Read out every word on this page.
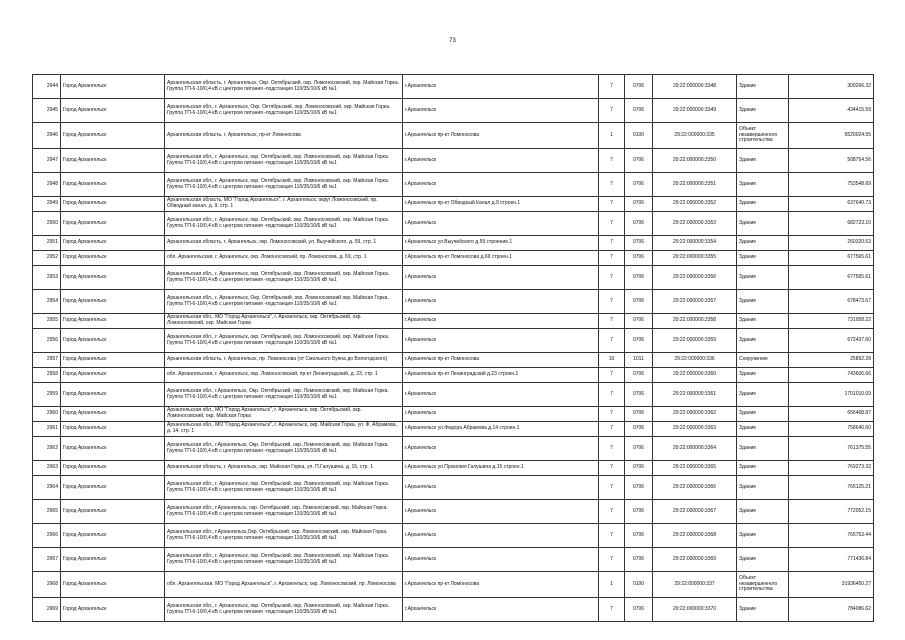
73
2944	Город Архангельск	Архангельская область, г. Архангельск, Окр. Октябрьский, окр. Ломоносовский, окр. Майская Горка. Группа ТП-6-10/0,4 кВ с центром питания -подстанция 110/35/10/6 кВ №1	г.Архангельск	7	0706	29:22:000000:3348	Здание	309266.32
2945	Город Архангельск	Архангельская обл., г. Архангельск, Окр. Октябрьский, окр. Ломоносовский, окр. Майская Горка. Группа ТП-6-10/0,4 кВ с центром питания -подстанция 110/35/10/6 кВ №1	г.Архангельск	7	0706	29:22:000000:3349	Здание	434415.59
2946	Город Архангельск	Архангельская область, г. Архангельск, пр-кт Ломоносова	г.Архангельск пр-кт Ломоносова	1	0100	29:22:000000:335	Объект незавершенного строительства	5520024.55
2947	Город Архангельск	Архангельская обл., г. Архангельск, окр. Октябрьский, окр. Ломоносовский, окр. Майская Горка. Группа ТП-6-10/0,4 кВ с центром питания -подстанция 110/35/10/6 кВ №1	г.Архангельск	7	0706	29:22:000000:3350	Здание	508754.56
2948	Город Архангельск	Архангельская обл., г. Архангельск, окр. Октябрьский, окр. Ломоносовский, окр. Майская Горка. Группа ТП-6-10/0,4 кВ с центром питания -подстанция 110/35/10/6 кВ №1	г.Архангельск	7	0706	29:22:000000:3351	Здание	753548.69
2949	Город Архангельск	Архангельская область, МО "Город Архангельск", г. Архангельск, округ Ломоносовский, пр. Обводный канал, д. 9, стр. 1	г.Архангельск пр-кт Обводный Канал д.9 строен.1	7	0706	29:22:000000:3352	Здание	637640.73
2950	Город Архангельск	Архангельская обл., г. Архангельск, окр. Октябрьский, окр. Ломоносовский, окр. Майская Горка. Группа ТП-6-10/0,4 кВ с центром питания -подстанция 110/35/10/6 кВ №1	г.Архангельск	7	0706	29:22:000000:3353	Здание	682723.10
2951	Город Архангельск	Архангельская область, г. Архангельск, окр. Ломоносовский, ул. Выучейского, д. 59, стр. 1	г.Архангельск ул.Выучейского д.59 строение.1	7	0706	29:22:000000:3354	Здание	260320.63
2952	Город Архангельск	обл. Архангельская, г. Архангельск, окр. Ломоносовский, пр. Ломоносова, д. 69, стр. 1	г.Архангельск пр-кт Ломоносова д.69 строен.1	7	0706	29:22:000000:3355	Здание	677565.61
2953	Город Архангельск	Архангельская обл., г. Архангельск, окр. Октябрьский, окр. Ломоносовский, окр. Майская Горка. Группа ТП-6-10/0,4 кВ с центром питания -подстанция 110/35/10/6 кВ №1	г.Архангельск	7	0706	29:22:000000:3356	Здание	677565.61
2954	Город Архангельск	Архангельская обл., г. Архангельск, Окр. Октябрьский, окр. Ломоносовский окр. Майская Горка. Группа ТП-6-10/0,4 кВ с центром питания -подстанция 110/35/10/6 кВ №1	г.Архангельск	7	0706	29:22:000000:3357	Здание	678473.67
2955	Город Архангельск	Архангельская обл., МО "Город Архангельск", г. Архангельск, окр. Октябрьский, окр. Ломоносовский, окр. Майская Горка	г.Архангельск	7	0706	29:22:000000:3358	Здание	731958.22
2956	Город Архангельск	Архангельская обл., г. Архангельск, окр. Октябрьский, окр. Ломоносовский, окр. Майская Горка. Группа ТП-6-10/0,4 кВ с центром питания -подстанция 110/35/10/6 кВ №1	г.Архангельск	7	0706	29:22:000000:3359	Здание	672437.60
2957	Город Архангельск	Архангельская область, г. Архангельск, пр. Ломоносова (от Смольного Буяна до Вологодского)	г.Архангельск пр-кт Ломоносова	10	1011	29:22:000000:336	Сооружение	25892.28
2958	Город Архангельск	обл. Архангельская, г. Архангельск, окр. Ломоносовский, пр-кт Ленинградский, д. 23, стр. 1	г.Архангельск пр-кт Ленинградский д.23 строен.1	7	0706	29:22:000000:3360	Здание	743606.66
2959	Город Архангельск	Архангельская обл., г.Архангельск, Окр. Октябрьский, окр. Ломоносовский, окр. Майская Горка. Группа ТП-6-10/0,4 кВ с центром питания -подстанция 110/35/10/6 кВ №1	г.Архангельск	7	0706	29:22:000000:3361	Здание	1701010.09
2960	Город Архангельск	Архангельская обл., МО "Город Архангельск", г. Архангельск, окр. Октябрьский, окр. Ломоносовский, окр. Майская Горка	г.Архангельск	7	0706	29:22:000000:3362	Здание	656468.87
2961	Город Архангельск	Архангельская обл., МО "Город Архангельск", г. Архангельск, окр. Майская Горка, ул. Ф. Абрамова, д. 14, стр. 1	г.Архангельск ул.Федора Абрамова д.14 строен.1	7	0706	29:22:000000:3363	Здание	758640.60
2962	Город Архангельск	Архангельская обл., г.Архангельск, Окр. Октябрьский, окр. Ломоносовский, окр. Майская Горка. Группа ТП-6-10/0,4 кВ с центром питания -подстанция 110/35/10/6 кВ №1	г.Архангельск	7	0706	29:22:000000:3364	Здание	761375.55
2963	Город Архангельск	Архангельская область, г. Архангельск, окр. Майская Горка, ул. П.Галушина, д. 15, стр. 1	г.Архангельск ул.Прокопия Галушина д.15 строен.1	7	0706	29:22:000000:3365	Здание	769273.32
2964	Город Архангельск	Архангельская обл., г. Архангельск, окр. Октябрьский, окр. Ломоносовский, окр. Майская Горка. Группа ТП-6-10/0,4 кВ с центром питания -подстанция 110/35/10/6 кВ №1	г.Архангельск	7	0706	29:22:000000:3366	Здание	765125.21
2965	Город Архангельск	Архангельская обл., г.Архангельск, окр. Октябрьский, окр. Ломоносовский, окр. Майская Горка. Группа ТП-6-10/0,4 кВ с центром питания -подстанция 110/35/10/6 кВ №1	г.Архангельск	7	0706	29:22:000000:3367	Здание	772052.15
2966	Город Архангельск	Архангельская обл., г.Архангельск,Окр. Октябрьский, окр. Ломоносовский, окр. Майская Горка. Группа ТП-6-10/0,4 кВ с центром питания -подстанция 110/35/10/6 кВ №1	г.Архангельск	7	0706	29:22:000000:3368	Здание	765753.44
2967	Город Архангельск	Архангельская обл., г. Архангельск, окр. Октябрьский, окр. Ломоносовский, окр. Майская Горка. Группа ТП-6-10/0,4 кВ с центром питания -подстанция 110/35/10/6 кВ №1	г.Архангельск	7	0706	29:22:000000:3369	Здание	771436.84
2968	Город Архангельск	обл. Архангельская, МО "Город Архангельск", г. Архангельск, окр. Ломоносовский, пр. Ломоносова	г.Архангельск пр-кт Ломоносова	1	0100	29:22:000000:337	Объект незавершенного строительства	31936450.27
2969	Город Архангельск	Архангельская обл., г. Архангельск, окр. Октябрьский, окр. Ломоносовский, окр. Майская Горка. Группа ТП-6-10/0,4 кВ с центром питания -подстанция 110/35/10/6 кВ №1	г.Архангельск	7	0706	29:22:000000:3370	Здание	784086.62
